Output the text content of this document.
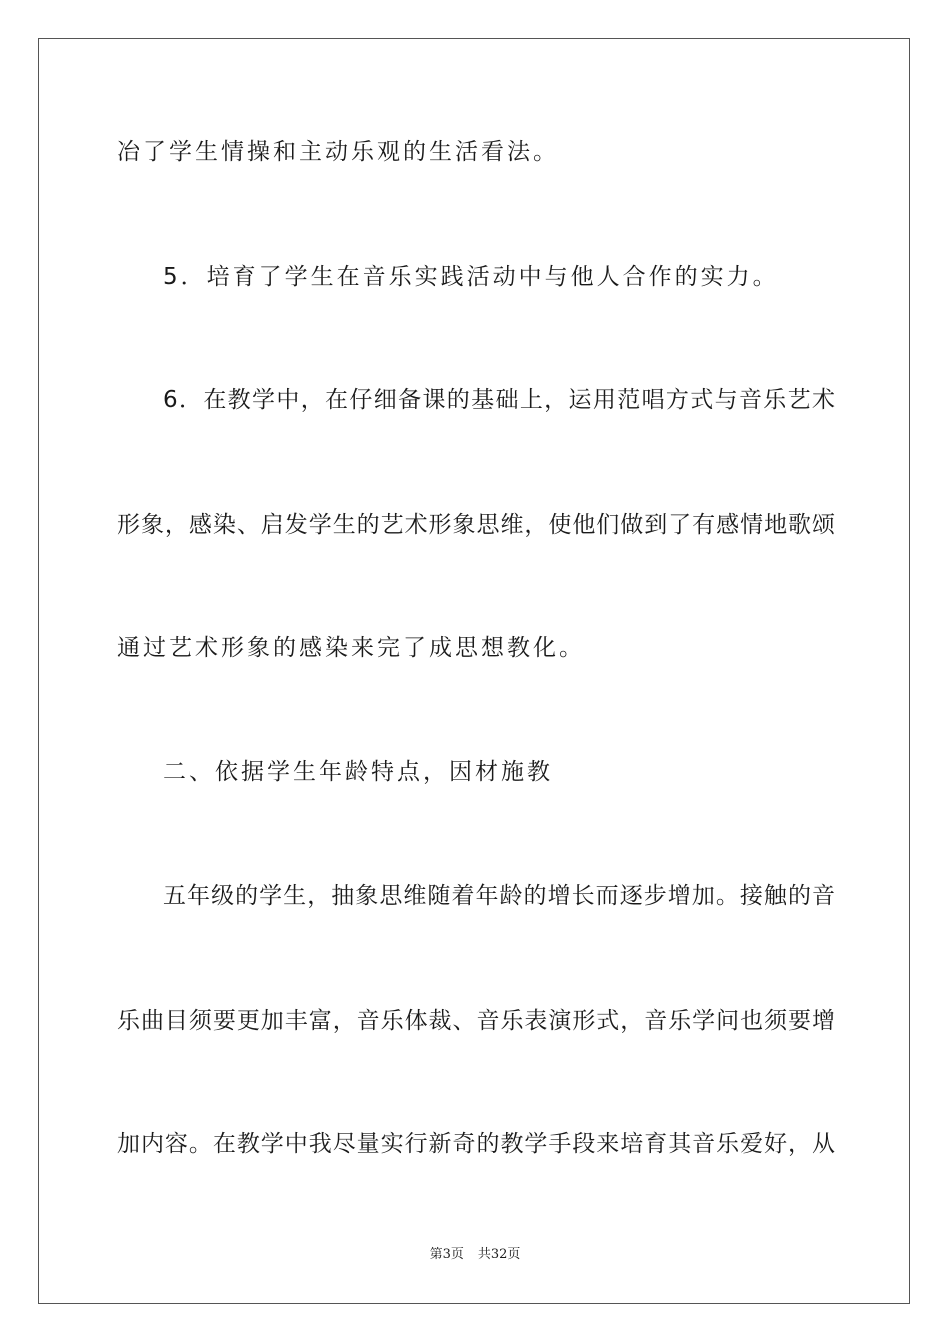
冶了学生情操和主动乐观的生活看法。
5．培育了学生在音乐实践活动中与他人合作的实力。
6．在教学中，在仔细备课的基础上，运用范唱方式与音乐艺术
形象，感染、启发学生的艺术形象思维，使他们做到了有感情地歌颂
通过艺术形象的感染来完了成思想教化。
二、依据学生年龄特点，因材施教
五年级的学生，抽象思维随着年龄的增长而逐步增加。接触的音
乐曲目须要更加丰富，音乐体裁、音乐表演形式，音乐学问也须要增
加内容。在教学中我尽量实行新奇的教学手段来培育其音乐爱好，从
第3页 共32页
